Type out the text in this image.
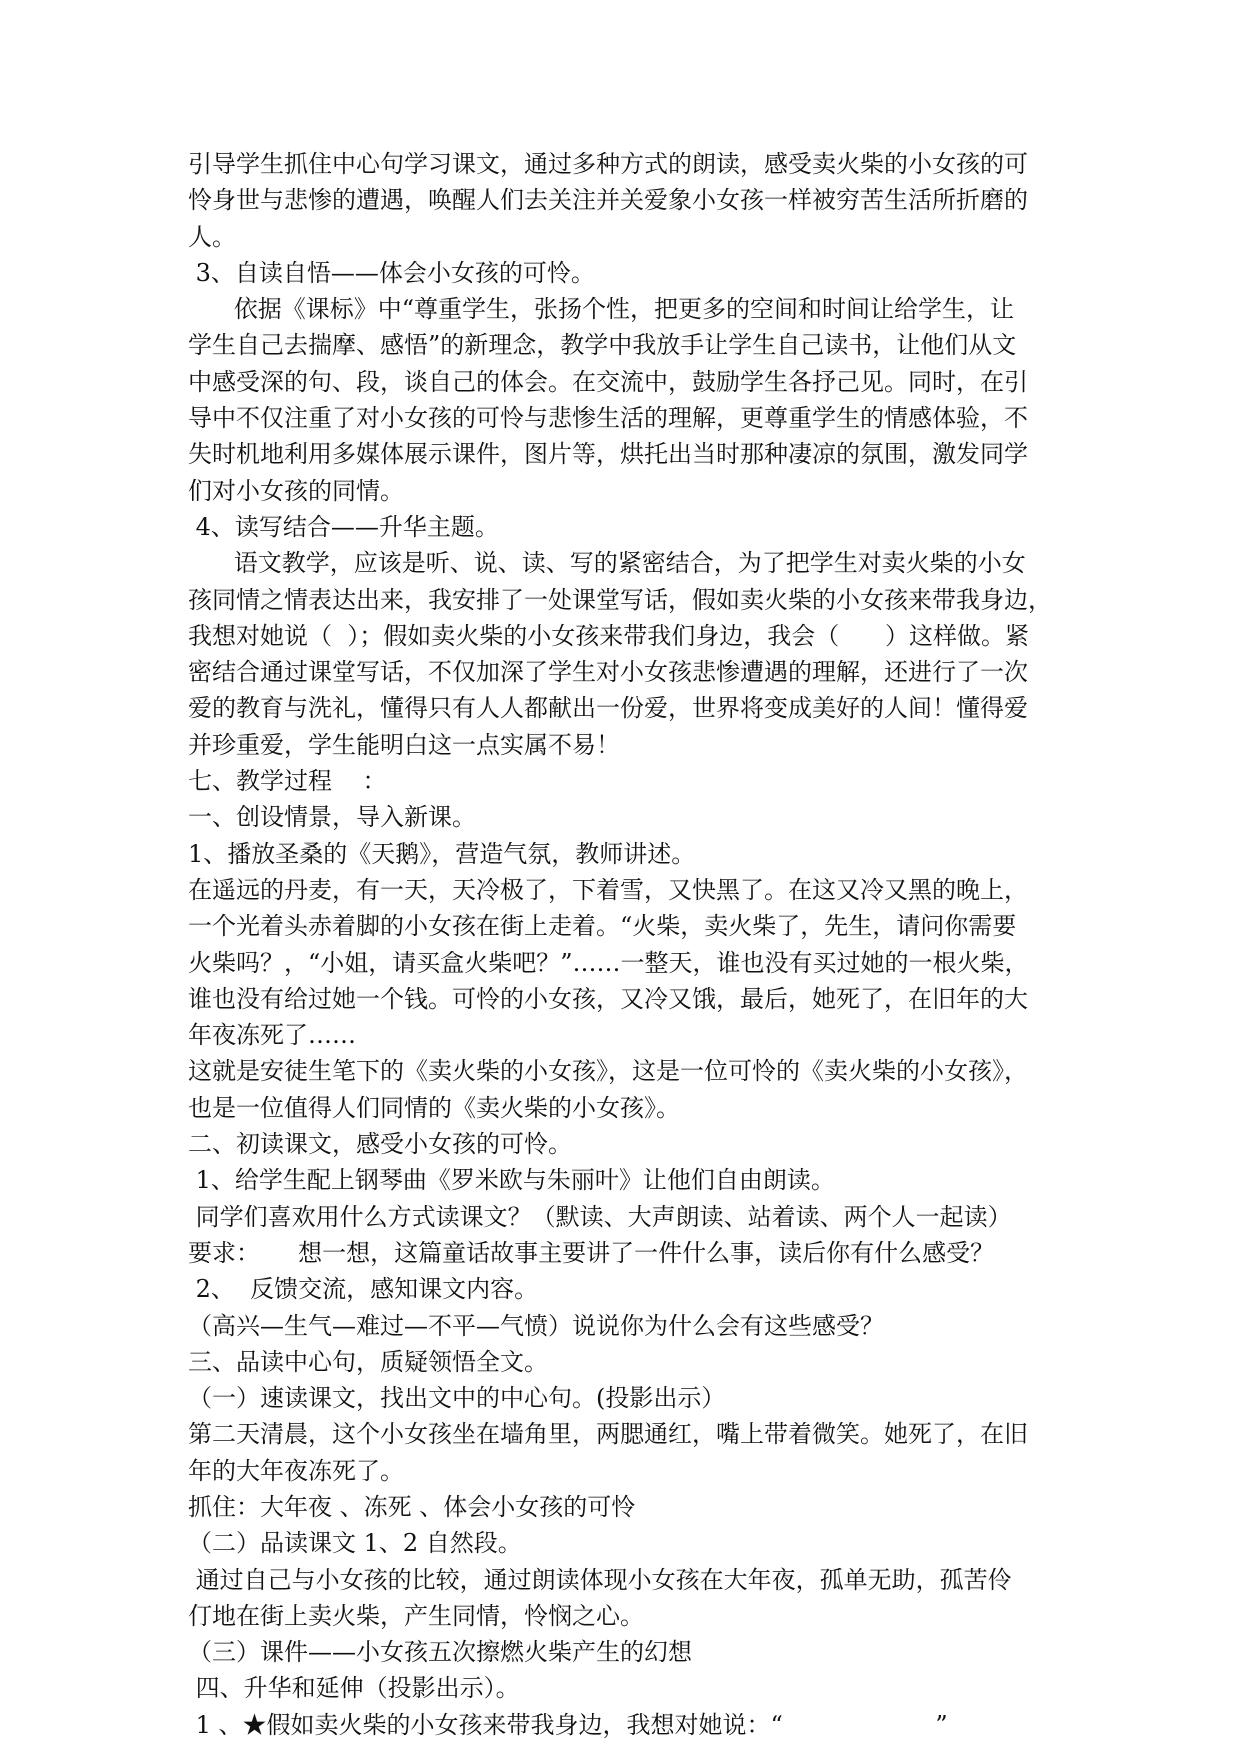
引导学生抓住中心句学习课文，通过多种方式的朗读，感受卖火柴的小女孩的可
怜身世与悲惨的遭遇，唤醒人们去关注并关爱象小女孩一样被穷苦生活所折磨的
人。
3、自读自悟——体会小女孩的可怜。
依据《课标》中“尊重学生，张扬个性，把更多的空间和时间让给学生，让
学生自己去揣摩、感悟”的新理念，教学中我放手让学生自己读书，让他们从文
中感受深的句、段，谈自己的体会。在交流中，鼓励学生各抒己见。同时，在引
导中不仅注重了对小女孩的可怜与悲惨生活的理解，更尊重学生的情感体验，不
失时机地利用多媒体展示课件，图片等，烘托出当时那种凄凉的氛围，激发同学
们对小女孩的同情。
4、读写结合——升华主题。
语文教学，应该是听、说、读、写的紧密结合，为了把学生对卖火柴的小女
孩同情之情表达出来，我安排了一处课堂写话，假如卖火柴的小女孩来带我身边，
我想对她说（  ）；假如卖火柴的小女孩来带我们身边，我会（      ）这样做。紧
密结合通过课堂写话，不仅加深了学生对小女孩悲惨遭遇的理解，还进行了一次
爱的教育与洗礼，懂得只有人人都献出一份爱，世界将变成美好的人间！懂得爱
并珍重爱，学生能明白这一点实属不易！
七、教学过程    ：
一、创设情景，导入新课。
1、播放圣桑的《天鹅》，营造气氛，教师讲述。
在遥远的丹麦，有一天，天冷极了，下着雪，又快黑了。在这又冷又黑的晚上，
一个光着头赤着脚的小女孩在街上走着。“火柴，卖火柴了，先生，请问你需要
火柴吗？，“小姐，请买盒火柴吧？”……一整天，谁也没有买过她的一根火柴，
谁也没有给过她一个钱。可怜的小女孩，又冷又饿，最后，她死了，在旧年的大
年夜冻死了……
这就是安徒生笔下的《卖火柴的小女孩》，这是一位可怜的《卖火柴的小女孩》，
也是一位值得人们同情的《卖火柴的小女孩》。
二、初读课文，感受小女孩的可怜。
1、给学生配上钢琴曲《罗米欧与朱丽叶》让他们自由朗读。
同学们喜欢用什么方式读课文？（默读、大声朗读、站着读、两个人一起读）
要求：     想一想，这篇童话故事主要讲了一件什么事，读后你有什么感受？
2、  反馈交流，感知课文内容。
（高兴—生气—难过—不平—气愤）说说你为什么会有这些感受？
三、品读中心句，质疑领悟全文。
（一）速读课文，找出文中的中心句。(投影出示）
第二天清晨，这个小女孩坐在墙角里，两腮通红，嘴上带着微笑。她死了，在旧
年的大年夜冻死了。
抓住：大年夜 、冻死 、体会小女孩的可怜
（二）品读课文 1、2 自然段。
通过自己与小女孩的比较，通过朗读体现小女孩在大年夜，孤单无助，孤苦伶
仃地在街上卖火柴，产生同情，怜悯之心。
（三）课件——小女孩五次擦燃火柴产生的幻想
四、升华和延伸（投影出示）。
1 、★假如卖火柴的小女孩来带我身边，我想对她说：“                    ”
